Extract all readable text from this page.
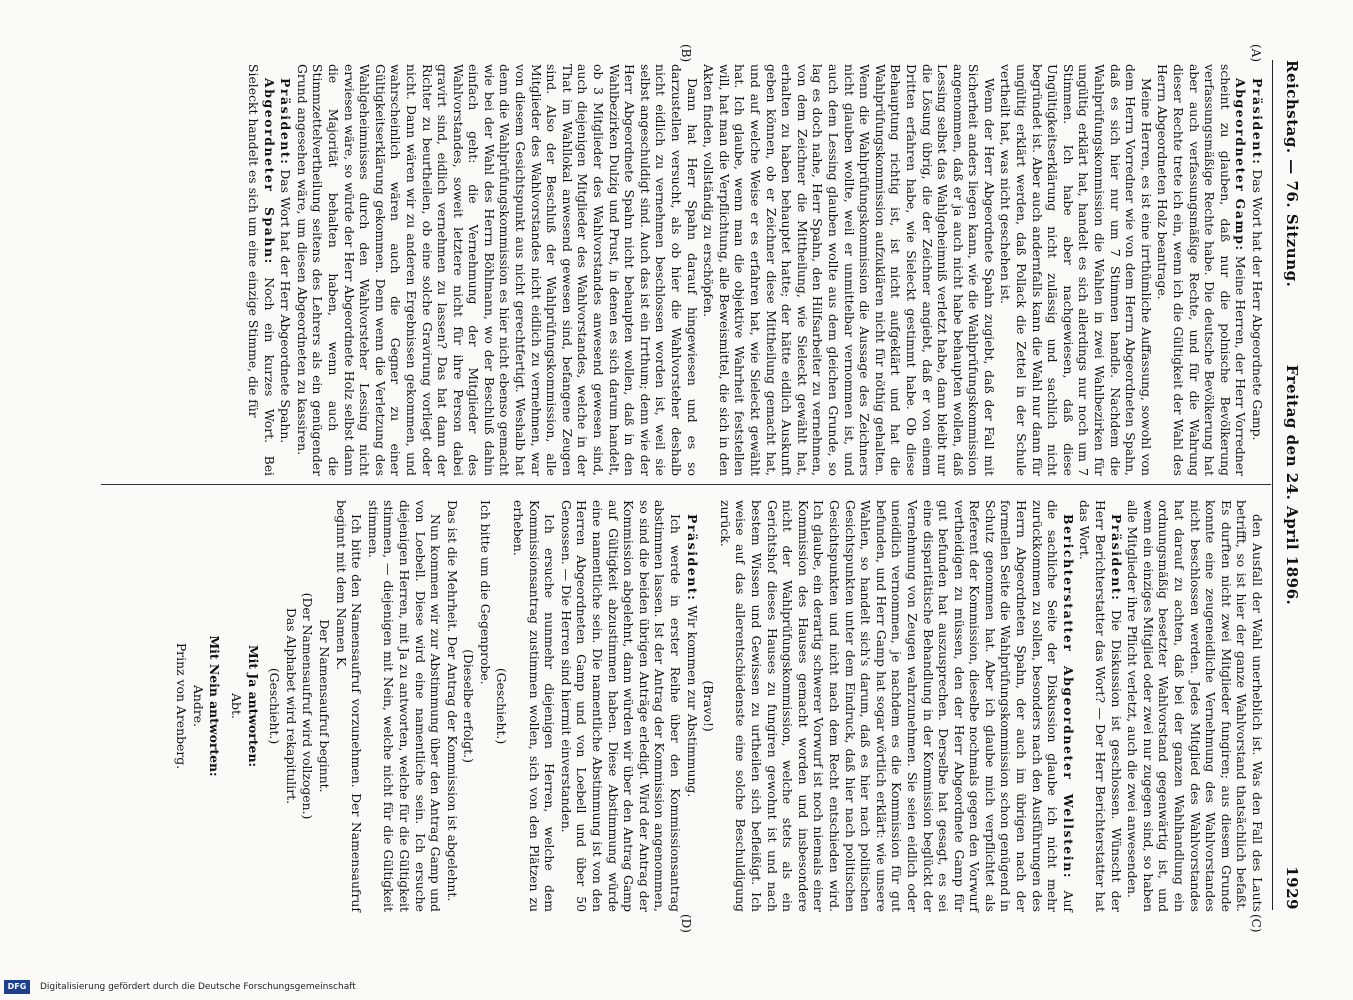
Reichstag. — 76. Sitzung.
Freitag den 24. April 1896.
1929
(A)
(B)
(C)
(D)

Präsident: Das Wort hat der Herr Abgeordnete Gamp.

Abgeordneter Gamp: Meine Herren, der Herr Vorredner scheint zu glauben, daß nur die polnische Bevölkerung verfassungsmäßige Rechte habe. Die deutsche Bevölkerung hat aber auch verfassungsmäßige Rechte, und für die Wahrung dieser Rechte trete ich ein, wenn ich die Gültigkeit der Wahl des Herrn Abgeordneten Holz beantrage.

Meine Herren, es ist eine irrthümliche Auffassung, sowohl von dem Herrn Vorredner wie von dem Herrn Abgeordneten Spahn, daß es sich hier nur um 7 Stimmen handle. Nachdem die Wahlprüfungskommission die Wahlen in zwei Wahlbezirken für ungültig erklärt hat, handelt es sich allerdings nur noch um 7 Stimmen. Ich habe aber nachgewiesen, daß diese Ungültigkeitserklärung nicht zulässig und sachlich nicht begründet ist. Aber auch andernfalls kann die Wahl nur dann für ungültig erklärt werden, daß Pollack die Zettel in der Schule vertheilt hat, was nicht geschehen ist.

Wenn der Herr Abgeordnete Spahn zugiebt, daß der Fall mit Sicherheit anders liegen kann, wie die Wahlprüfungskommission angenommen, daß er ja auch nicht habe behaupten wollen, daß Lessing selbst das Wahlgeheimniß verletzt habe, dann bleibt nur die Lösung übrig, die der Zeichner angiebt, daß er von einem Dritten erfahren habe, wie Sieleckt gestimmt habe. Ob diese Behauptung richtig ist, ist nicht aufgeklärt und hat die Wahlprüfungskommission aufzuklären nicht für nöthig gehalten. Wenn die Wahlprüfungskommission die Aussage des Zeichners nicht glauben wollte, weil er unmittelbar vernommen ist, und auch dem Lessing glauben wollte aus dem gleichen Grunde, so lag es doch nahe, Herr Spahn, den Hilfsarbeiter zu vernehmen, von dem Zeichner die Mittheilung, wie Sieleckt gewählt hat, erhalten zu haben behauptet hatte; der hätte eidlich Auskunft geben können, ob er Zeichner diese Mittheilung gemacht hat, und auf welche Weise er es erfahren hat, wie Sieleckt gewählt hat. Ich glaube, wenn man die objektive Wahrheit feststellen will, hat man die Verpflichtung, alle Beweismittel, die sich in den Akten finden, vollständig zu erschöpfen.

Dann hat Herr Spahn darauf hingewiesen und es so darzustellen versucht, als ob hier die Wahlvorsteher deshalb nicht eidlich zu vernehmen beschlossen worden ist, weil sie selbst angeschuldigt sind. Auch das ist ein Irrthum; denn wie der Herr Abgeordnete Spahn nicht behaupten wollen, daß in den Wahlbezirken Dulzig und Prust, in denen es sich darum handelt, ob 3 Mitglieder des Wahlvorstandes anwesend gewesen sind, auch diejenigen Mitglieder des Wahlvorstandes, welche in der That im Wahllokal anwesend gewesen sind, befangene Zeugen sind. Also der Beschluß der Wahlprüfungskommission, alle Mitglieder des Wahlvorstandes nicht eidlich zu vernehmen, war von diesem Gesichtspunkt aus nicht gerechtfertigt. Weshalb hat denn die Wahlprüfungskommission es hier nicht ebenso gemacht wie bei der Wahl des Herrn Böhlmann, wo der Beschluß dahin einfach geht: die Vernehmung der Mitglieder des Wahlvorstandes, soweit letztere nicht für ihre Person dabei gravirt sind, eidlich vernehmen zu lassen? Das hat dann der Richter zu beurtheilen, ob eine solche Gravirung vorliegt oder nicht. Dann wären wir zu anderen Ergebnissen gekommen, und wahrscheinlich wären auch die Gegner zu einer Gültigkeitserklärung gekommen. Denn wenn die Verletzung des Wahlgeheimnisses durch den Wahlvorsteher Lessing nicht erwiesen wäre, so würde der Herr Abgeordnete Holz selbst dann die Majorität behalten haben, wenn auch die Stimmzettelvertheilung seitens des Lehrers als ein genügender Grund angesehen wäre, um diesen Abgeordneten zu kassiren.

Präsident: Das Wort hat der Herr Abgeordnete Spahn.

Abgeordneter Spahn: Noch ein kurzes Wort. Bei Sieleckt handelt es sich um eine einzige Stimme, die für

den Ausfall der Wahl unerheblich ist. Was den Fall des Lauts betrifft, so ist hier der ganze Wahlvorstand thatsächlich befaßt. Es durften nicht zwei Mitglieder fungiren; aus diesem Grunde konnte eine zeugeneidliche Vernehmung des Wahlvorstandes nicht beschlossen werden. Jedes Mitglied des Wahlvorstandes hat darauf zu achten, daß bei der ganzen Wahlhandlung ein ordnungsmäßig besetzter Wahlvorstand gegenwärtig ist, und wenn ein einziges Mitglied oder zwei nur zugegen sind, so haben alle Mitglieder ihre Pflicht verletzt, auch die zwei anwesenden.

Präsident: Die Diskussion ist geschlossen. Wünscht der Herr Berichterstatter das Wort? — Der Herr Berichterstatter hat das Wort.

Berichterstatter Abgeordneter Wellstein: Auf die sachliche Seite der Diskussion glaube ich nicht mehr zurückkommen zu sollen, besonders nach den Ausführungen des Herrn Abgeordneten Spahn, der auch im übrigen nach der formellen Seite die Wahlprüfungskommission schon genügend in Schutz genommen hat. Aber ich glaube mich verpflichtet als Referent der Kommission, dieselbe nochmals gegen den Vorwurf vertheidigen zu müssen, den der Herr Abgeordnete Gamp für gut befunden hat auszusprechen. Derselbe hat gesagt, es sei eine disparitätische Behandlung in der Kommission beglückt der Vernehmung von Zeugen wahrzunehmen. Sie seien eidlich oder uneidlich vernommen, je nachdem es die Kommission für gut befunden, und Herr Gamp hat sogar wörtlich erklärt: wie unsere Wahlen, so handelt sich's darum, daß es hier nach politischen Gesichtspunkten unter dem Eindruck, daß hier nach politischen Gesichtspunkten und nicht nach dem Recht entschieden wird. Ich glaube, ein derartig schwerer Vorwurf ist noch niemals einer Kommission des Hauses gemacht worden und insbesondere nicht der Wahlprüfungskommission, welche stets als ein Gerichtshof dieses Hauses zu fungiren gewohnt ist und nach bestem Wissen und Gewissen zu urtheilen sich befleißigt. Ich weise auf das allerentschiedenste eine solche Beschuldigung zurück.

(Bravo!)

Präsident: Wir kommen zur Abstimmung.

Ich werde in erster Reihe über den Kommissionsantrag abstimmen lassen. Ist der Antrag der Kommission angenommen, so sind die beiden übrigen Anträge erledigt. Wird der Antrag der Kommission abgelehnt, dann würden wir über den Antrag Gamp auf Gültigkeit abzustimmen haben. Diese Abstimmung würde eine namentliche sein. Die namentliche Abstimmung ist von den Herren Abgeordneten Gamp und von Loebell und über 50 Genossen. — Die Herren sind hiermit einverstanden.

Ich ersuche nunmehr diejenigen Herren, welche dem Kommissionsantrag zustimmen wollen, sich von den Plätzen zu erheben.

(Geschieht.)

Ich bitte um die Gegenprobe.

(Dieselbe erfolgt.)

Das ist die Mehrheit. Der Antrag der Kommission ist abgelehnt.

Nun kommen wir zur Abstimmung über den Antrag Gamp und von Loebell. Diese wird eine namentliche sein. Ich ersuche diejenigen Herren, mit Ja zu antworten, welche für die Gültigkeit stimmen, — diejenigen mit Nein, welche nicht für die Gültigkeit stimmen.

Ich bitte den Namensaufruf vorzunehmen. Der Namensaufruf beginnt mit dem Namen K.

Der Namensaufruf beginnt.

(Der Namensaufruf wird vollzogen.)

Das Alphabet wird rekapitulirt.

(Geschieht.)

Mit Ja antworten:

Abt.

Mit Nein antworten:

Andre.

Prinz von Arenberg.

Digitalisierung gefördert durch die Deutsche Forschungsgemeinschaft
DFG
